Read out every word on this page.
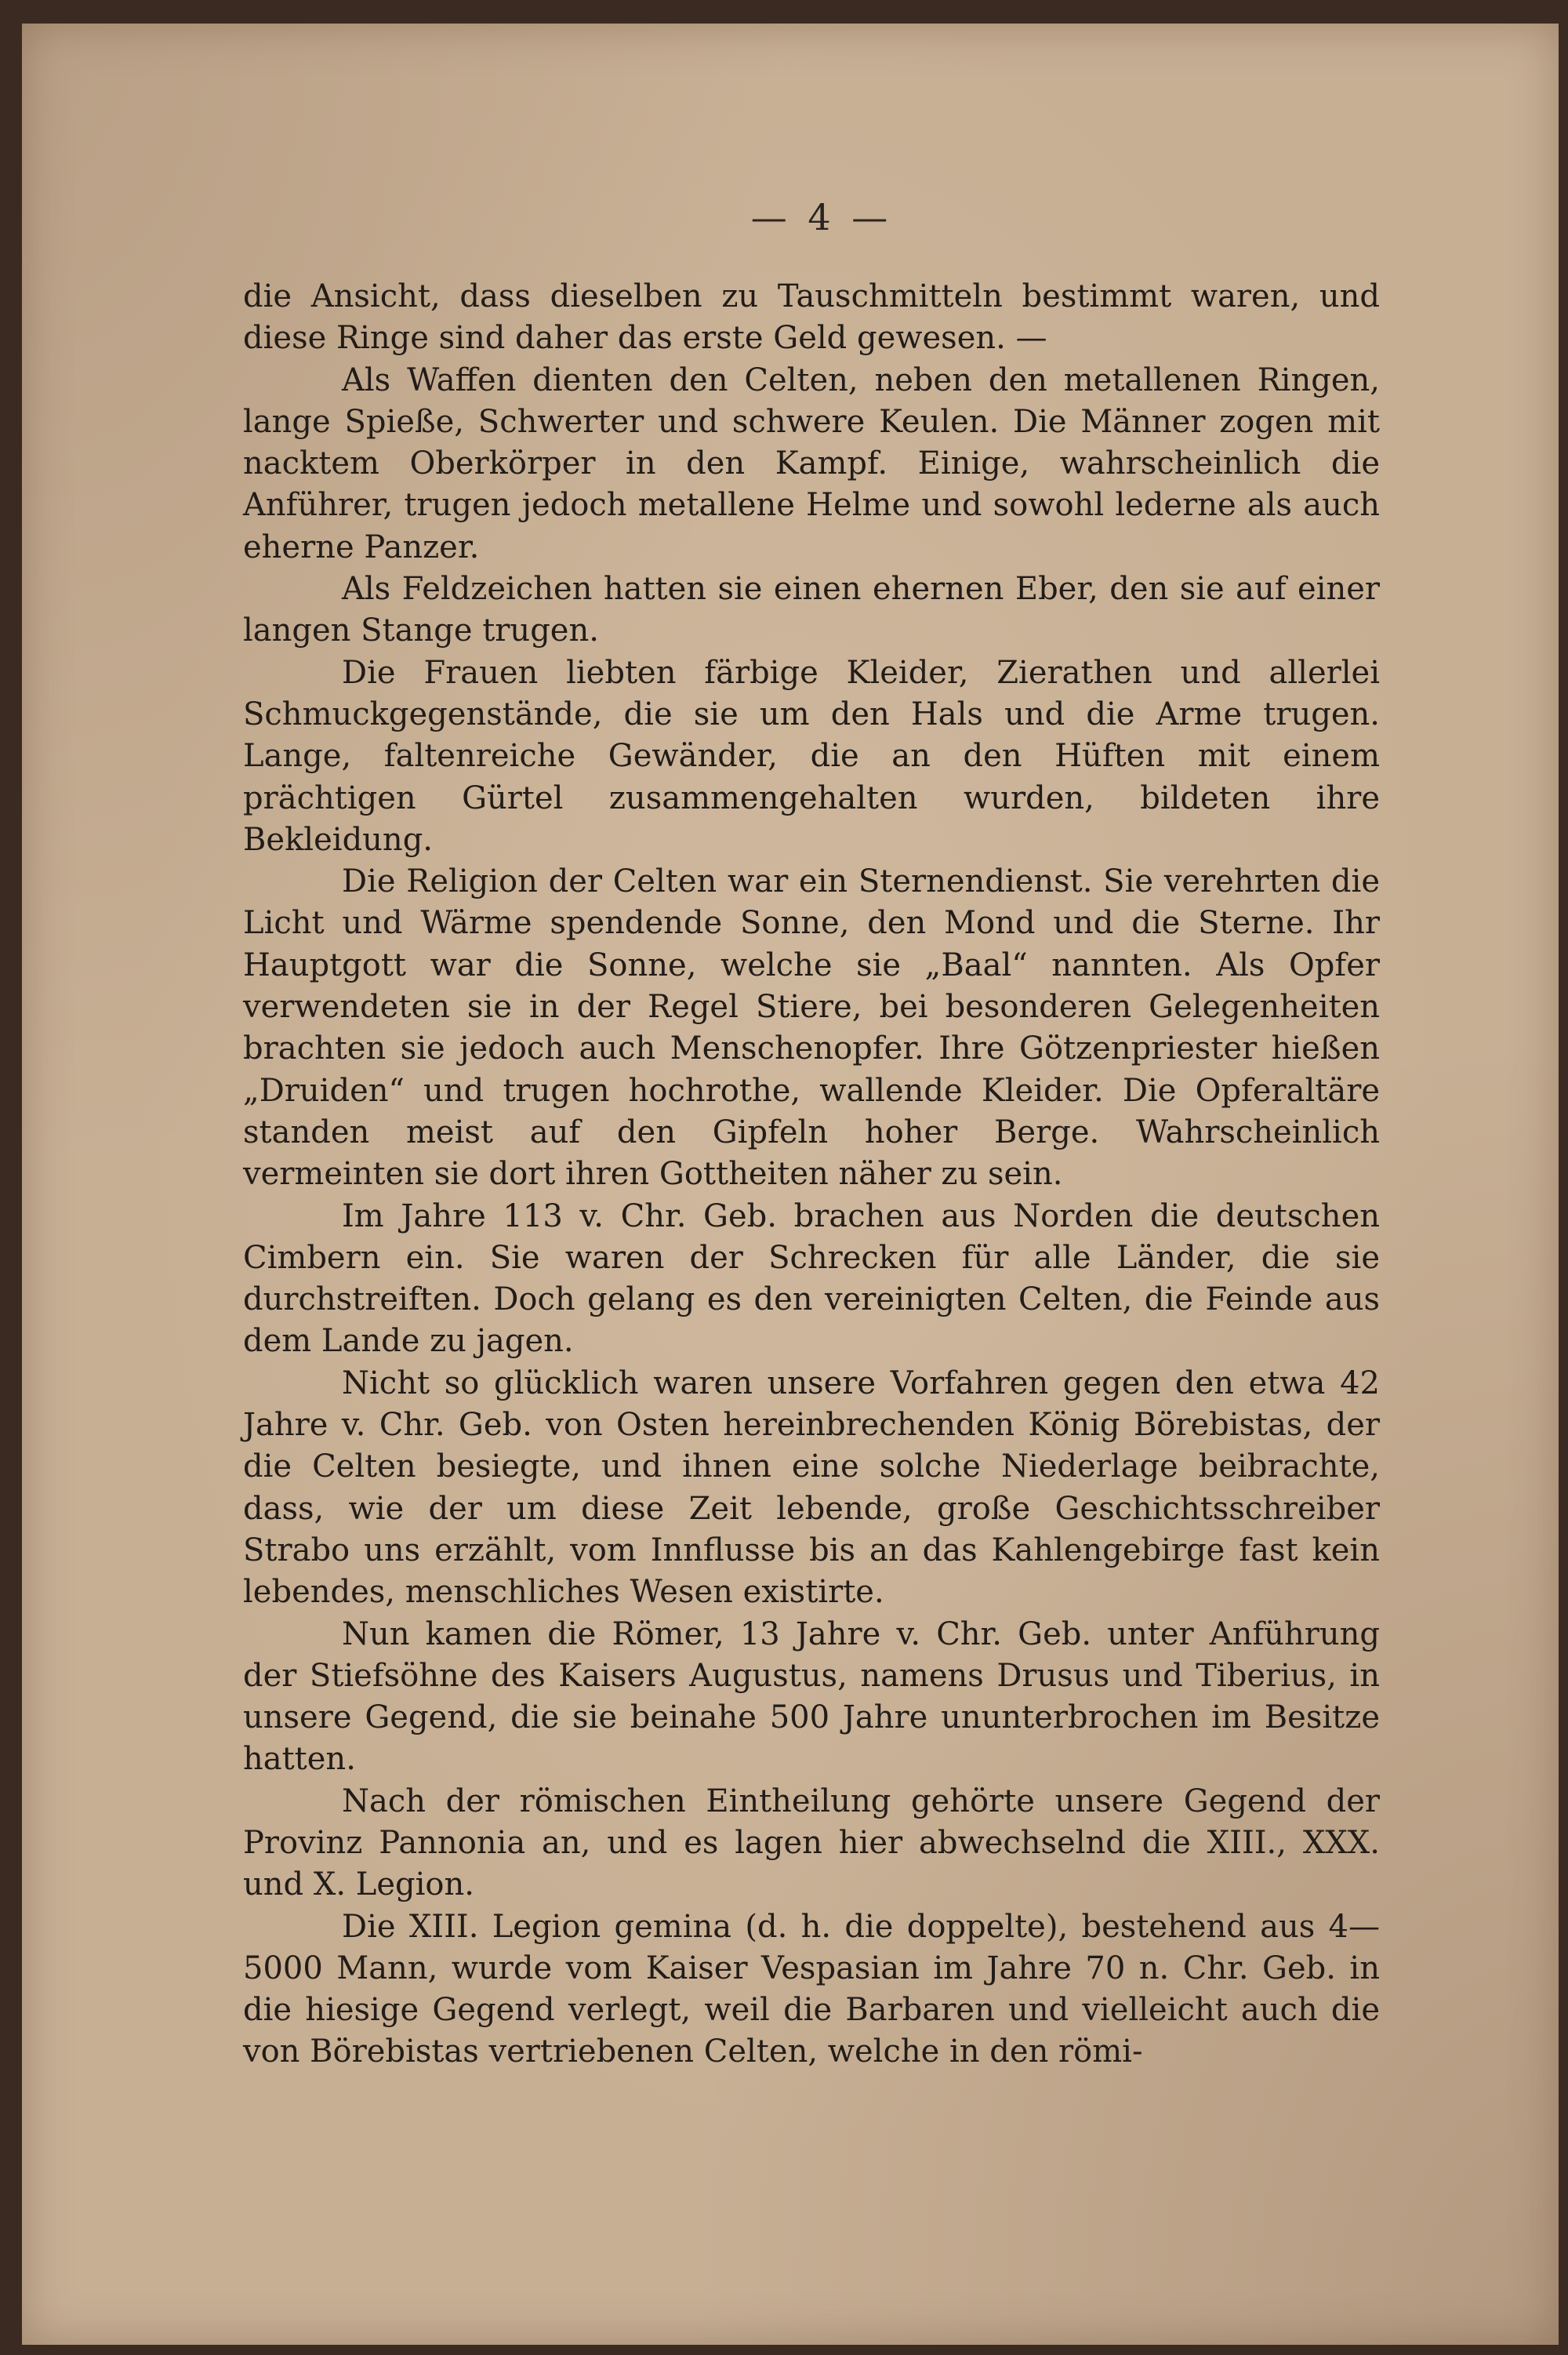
— 4 —

die Ansicht, dass dieselben zu Tauschmitteln bestimmt waren, und diese Ringe sind daher das erste Geld gewesen. —

Als Waffen dienten den Celten, neben den metallenen Ringen, lange Spieße, Schwerter und schwere Keulen. Die Männer zogen mit nacktem Oberkörper in den Kampf. Einige, wahrscheinlich die Anführer, trugen jedoch metallene Helme und sowohl lederne als auch eherne Panzer.

Als Feldzeichen hatten sie einen ehernen Eber, den sie auf einer langen Stange trugen.

Die Frauen liebten färbige Kleider, Zierathen und allerlei Schmuckgegenstände, die sie um den Hals und die Arme trugen. Lange, faltenreiche Gewänder, die an den Hüften mit einem prächtigen Gürtel zusammengehalten wurden, bildeten ihre Bekleidung.

Die Religion der Celten war ein Sternendienst. Sie verehrten die Licht und Wärme spendende Sonne, den Mond und die Sterne. Ihr Hauptgott war die Sonne, welche sie „Baal“ nannten. Als Opfer verwendeten sie in der Regel Stiere, bei besonderen Gelegenheiten brachten sie jedoch auch Menschenopfer. Ihre Götzenpriester hießen „Druiden“ und trugen hochrothe, wallende Kleider. Die Opferaltäre standen meist auf den Gipfeln hoher Berge. Wahrscheinlich vermeinten sie dort ihren Gottheiten näher zu sein.

Im Jahre 113 v. Chr. Geb. brachen aus Norden die deutschen Cimbern ein. Sie waren der Schrecken für alle Länder, die sie durchstreiften. Doch gelang es den vereinigten Celten, die Feinde aus dem Lande zu jagen.

Nicht so glücklich waren unsere Vorfahren gegen den etwa 42 Jahre v. Chr. Geb. von Osten hereinbrechenden König Börebistas, der die Celten besiegte, und ihnen eine solche Niederlage beibrachte, dass, wie der um diese Zeit lebende, große Geschichtsschreiber Strabo uns erzählt, vom Innflusse bis an das Kahlengebirge fast kein lebendes, menschliches Wesen existirte.

Nun kamen die Römer, 13 Jahre v. Chr. Geb. unter Anführung der Stiefsöhne des Kaisers Augustus, namens Drusus und Tiberius, in unsere Gegend, die sie beinahe 500 Jahre ununterbrochen im Besitze hatten.

Nach der römischen Eintheilung gehörte unsere Gegend der Provinz Pannonia an, und es lagen hier abwechselnd die XIII., XXX. und X. Legion.

Die XIII. Legion gemina (d. h. die doppelte), bestehend aus 4—5000 Mann, wurde vom Kaiser Vespasian im Jahre 70 n. Chr. Geb. in die hiesige Gegend verlegt, weil die Barbaren und vielleicht auch die von Börebistas vertriebenen Celten, welche in den römi-
